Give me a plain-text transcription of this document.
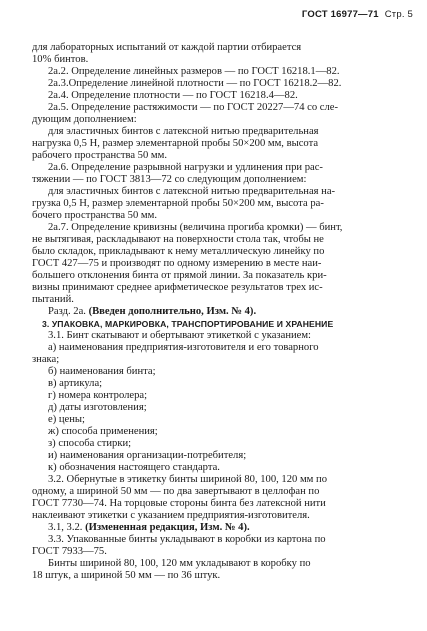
ГОСТ 16977—71 Стр. 5

для лабораторных испытаний от каждой партии отбирается

10% бинтов.

2а.2. Определение линейных размеров — по ГОСТ 16218.1—82.

2а.3.Определение линейной плотности — по ГОСТ 16218.2—82.

2а.4. Определение плотности — по ГОСТ 16218.4—82.

2а.5. Определение растяжимости — по ГОСТ 20227—74 со сле-

дующим дополнением:

для эластичных бинтов с латексной нитью предварительная

нагрузка 0,5 Н, размер элементарной пробы 50×200 мм, высота

рабочего пространства 50 мм.

2а.6. Определение разрывной нагрузки и удлинения при рас-

тяжении — по ГОСТ 3813—72 со следующим дополнением:

для эластичных бинтов с латексной нитью предварительная на-

грузка 0,5 Н, размер элементарной пробы 50×200 мм, высота ра-

бочего пространства 50 мм.

2а.7. Определение кривизны (величина прогиба кромки) — бинт,

не вытягивая, раскладывают на поверхности стола так, чтобы не

было складок, прикладывают к нему металлическую линейку по

ГОСТ 427—75 и производят по одному измерению в месте наи-

большего отклонения бинта от прямой линии. За показатель кри-

визны принимают среднее арифметическое результатов трех ис-

пытаний.

Разд. 2а. (Введен дополнительно, Изм. № 4).

3. УПАКОВКА, МАРКИРОВКА, ТРАНСПОРТИРОВАНИЕ И ХРАНЕНИЕ

3.1. Бинт скатывают и обертывают этикеткой с указанием:

а) наименования предприятия-изготовителя и его товарного

знака;

б) наименования бинта;

в) артикула;

г) номера контролера;

д) даты изготовления;

е) цены;

ж) способа применения;

з) способа стирки;

и) наименования организации-потребителя;

к) обозначения настоящего стандарта.

3.2. Обернутые в этикетку бинты шириной 80, 100, 120 мм по

одному, а шириной 50 мм — по два завертывают в целлофан по

ГОСТ 7730—74. На торцовые стороны бинта без латексной нити

наклеивают этикетки с указанием предприятия-изготовителя.

3.1, 3.2. (Измененная редакция, Изм. № 4).

3.3. Упакованные бинты укладывают в коробки из картона по

ГОСТ 7933—75.

Бинты шириной 80, 100, 120 мм укладывают в коробку по

18 штук, а шириной 50 мм — по 36 штук.
